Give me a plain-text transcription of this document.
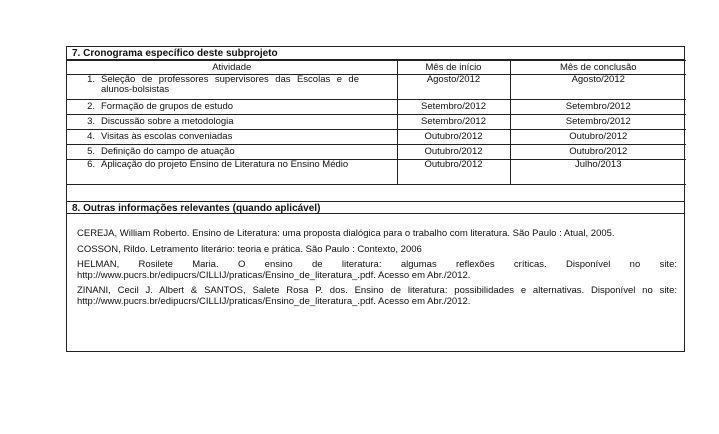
7. Cronograma específico deste subprojeto
Atividade	Mês de início	Mês de conclusão
1. Seleção de professores supervisores das Escolas e de alunos-bolsistas	Agosto/2012	Agosto/2012
2. Formação de grupos de estudo	Setembro/2012	Setembro/2012
3. Discussão sobre a metodologia	Setembro/2012	Setembro/2012
4. Visitas às escolas conveniadas	Outubro/2012	Outubro/2012
5. Definição do campo de atuação	Outubro/2012	Outubro/2012
6. Aplicação do projeto Ensino de Literatura no Ensino Médio	Outubro/2012	Julho/2013
8. Outras informações relevantes (quando aplicável)

CEREJA, William Roberto. Ensino de Literatura: uma proposta dialógica para o trabalho com literatura. São Paulo : Atual, 2005.

COSSON, Rildo. Letramento literário: teoria e prática. São Paulo : Contexto, 2006

HELMAN, Rosilete Maria. O ensino de literatura: algumas reflexões críticas. Disponível no site: http://www.pucrs.br/edipucrs/CILLIJ/praticas/Ensino_de_literatura_.pdf. Acesso em Abr./2012.

ZINANI, Cecil J. Albert & SANTOS, Salete Rosa P. dos. Ensino de literatura: possibilidades e alternativas. Disponível no site: http://www.pucrs.br/edipucrs/CILLIJ/praticas/Ensino_de_literatura_.pdf. Acesso em Abr./2012.
